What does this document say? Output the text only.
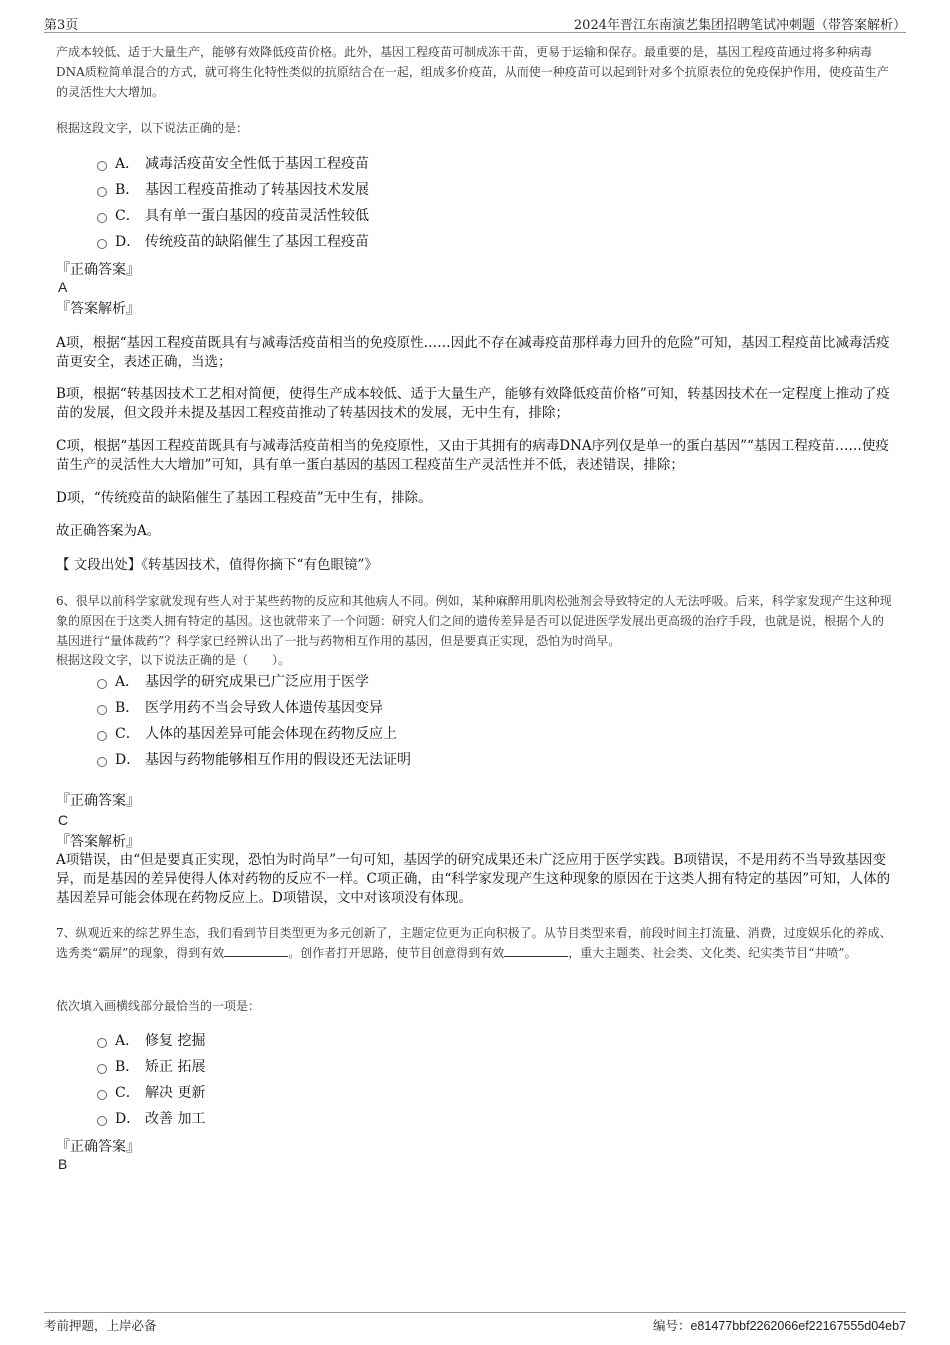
第3页	2024年晋江东南演艺集团招聘笔试冲刺题（带答案解析）
产成本较低、适于大量生产，能够有效降低疫苗价格。此外，基因工程疫苗可制成冻干苗，更易于运输和保存。最重要的是，基因工程疫苗通过将多种病毒DNA质粒简单混合的方式，就可将生化特性类似的抗原结合在一起，组成多价疫苗，从而使一种疫苗可以起到针对多个抗原表位的免疫保护作用，使疫苗生产的灵活性大大增加。
根据这段文字，以下说法正确的是：
A． 减毒活疫苗安全性低于基因工程疫苗
B． 基因工程疫苗推动了转基因技术发展
C． 具有单一蛋白基因的疫苗灵活性较低
D． 传统疫苗的缺陷催生了基因工程疫苗
『正确答案』
A
『答案解析』
A项，根据“基因工程疫苗既具有与减毒活疫苗相当的免疫原性……因此不存在减毒疫苗那样毒力回升的危险”可知，基因工程疫苗比减毒活疫苗更安全，表述正确，当选；
B项，根据“转基因技术工艺相对简便，使得生产成本较低、适于大量生产，能够有效降低疫苗价格”可知，转基因技术在一定程度上推动了疫苗的发展，但文段并未提及基因工程疫苗推动了转基因技术的发展，无中生有，排除；
C项，根据“基因工程疫苗既具有与减毒活疫苗相当的免疫原性，又由于其拥有的病毒DNA序列仅是单一的蛋白基因”“基因工程疫苗……使疫苗生产的灵活性大大增加”可知，具有单一蛋白基因的基因工程疫苗生产灵活性并不低，表述错误，排除；
D项，“传统疫苗的缺陷催生了基因工程疫苗”无中生有，排除。
故正确答案为A。
【 文段出处】《转基因技术，值得你摘下“有色眼镜”》
6、很早以前科学家就发现有些人对于某些药物的反应和其他病人不同。例如，某种麻醉用肌肉松弛剂会导致特定的人无法呼吸。后来，科学家发现产生这种现象的原因在于这类人拥有特定的基因。这也就带来了一个问题：研究人们之间的遗传差异是否可以促进医学发展出更高级的治疗手段，也就是说，根据个人的基因进行“量体裁药”？科学家已经辨认出了一批与药物相互作用的基因，但是要真正实现，恐怕为时尚早。
根据这段文字，以下说法正确的是（　　）。
A． 基因学的研究成果已广泛应用于医学
B． 医学用药不当会导致人体遗传基因变异
C． 人体的基因差异可能会体现在药物反应上
D． 基因与药物能够相互作用的假设还无法证明
『正确答案』
C
『答案解析』
A项错误，由“但是要真正实现，恐怕为时尚早”一句可知，基因学的研究成果还未广泛应用于医学实践。B项错误，不是用药不当导致基因变异，而是基因的差异使得人体对药物的反应不一样。C项正确，由“科学家发现产生这种现象的原因在于这类人拥有特定的基因”可知，人体的基因差异可能会体现在药物反应上。D项错误，文中对该项没有体现。
7、纵观近来的综艺界生态，我们看到节目类型更为多元创新了，主题定位更为正向积极了。从节目类型来看，前段时间主打流量、消费，过度娱乐化的养成、选秀类“霸屏”的现象，得到有效	。创作者打开思路，使节目创意得到有效	，重大主题类、社会类、文化类、纪实类节目“井喷”。
依次填入画横线部分最恰当的一项是：
A． 修复 挖掘
B． 矫正 拓展
C． 解决 更新
D． 改善 加工
『正确答案』
B
考前押题，上岸必备	编号：e81477bbf2262066ef22167555d04eb7
